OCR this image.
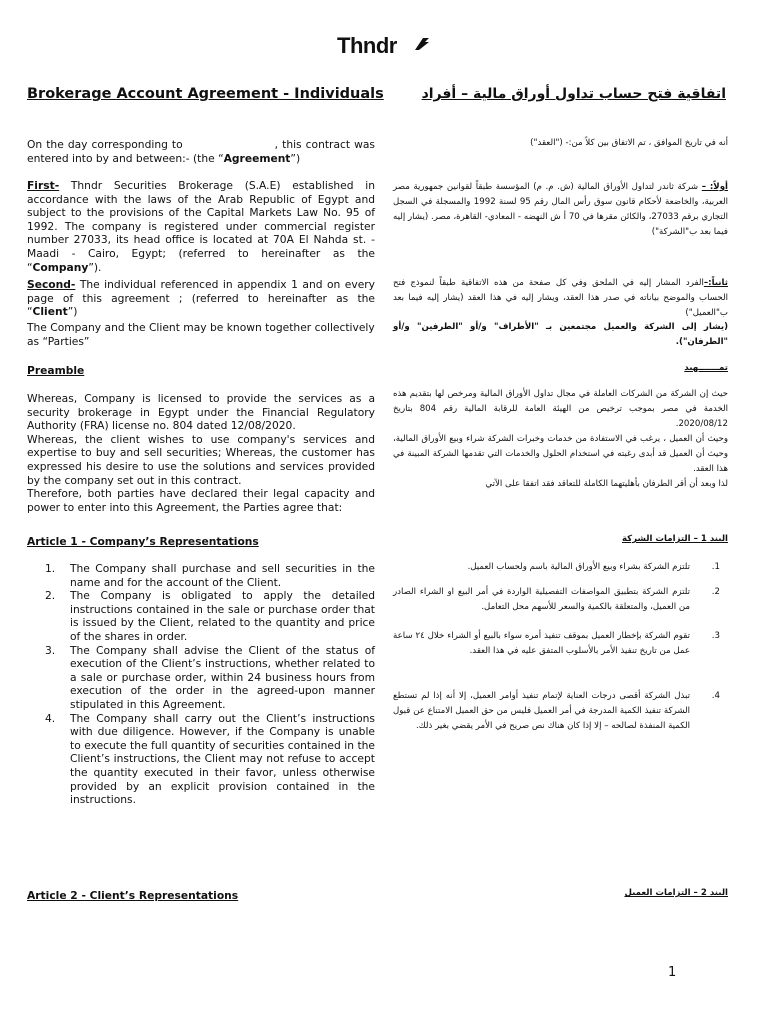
Thndr
Brokerage Account Agreement - Individuals	اتفاقية فتح حساب تداول أوراق مالية – أفراد
On the day corresponding to	, this contract was entered into by and between:- (the “Agreement”)
أنه في تاريخ الموافق ، تم الاتفاق بين كلاً من:- ("العقد")
First- Thndr Securities Brokerage (S.A.E) established in accordance with the laws of the Arab Republic of Egypt and subject to the provisions of the Capital Markets Law No. 95 of 1992. The company is registered under commercial register number 27033, its head office is located at 70A El Nahda st. - Maadi - Cairo, Egypt; (referred to hereinafter as the “Company”).
أولاً: – شركة ثاندر لتداول الأوراق المالية (ش. م. م) المؤسسة طبقاً لقوانين جمهورية مصر العربية، والخاضعة لأحكام قانون سوق رأس المال رقم 95 لسنة 1992 والمسجلة في السجل التجاري برقم 27033، والكائن مقرها في 70 أ ش النهضه - المعادي- القاهرة، مصر. (يشار إليه فيما بعد ب"الشركة")
Second- The individual referenced in appendix 1 and on every page of this agreement ; (referred to hereinafter as the “Client”)
ثانياً:–الفرد المشار إليه في الملحق وفي كل صفحة من هذه الاتفاقية طبقاً لنموذج فتح الحساب والموضح بياناته في صدر هذا العقد، ويشار إليه في هذا العقد (يشار إليه فيما بعد ب"العميل")
The Company and the Client may be known together collectively as “Parties”
(يشار إلى الشركة والعميل مجتمعين بـ "الأطراف" و/أو "الطرفين" و/أو "الطرفان").
Preamble	تمـــــــهيد
Whereas, Company is licensed to provide the services as a security brokerage in Egypt under the Financial Regulatory Authority (FRA) license no. 804 dated 12/08/2020.
Whereas, the client wishes to use company's services and expertise to buy and sell securities; Whereas, the customer has expressed his desire to use the solutions and services provided by the company set out in this contract.
Therefore, both parties have declared their legal capacity and power to enter into this Agreement, the Parties agree that:
حيث إن الشركة من الشركات العاملة في مجال تداول الأوراق المالية ومرخص لها بتقديم هذه الخدمة في مصر بموجب ترخيص من الهيئة العامة للرقابة المالية رقم 804 بتاريخ 2020/08/12.
وحيث أن العميل ، يرغب في الاستفادة من خدمات وخبرات الشركة شراء وبيع الأوراق المالية، وحيث أن العميل قد أبدى رغبته في استخدام الحلول والخدمات التي تقدمها الشركة المبينة في هذا العقد.
لذا وبعد أن أقر الطرفان بأهليتهما الكاملة للتعاقد فقد اتفقا على الآتي
Article 1 - Company’s Representations	البند 1 – التزامات الشركة
1.	The Company shall purchase and sell securities in the name and for the account of the Client.
2.	The Company is obligated to apply the detailed instructions contained in the sale or purchase order that is issued by the Client, related to the quantity and price of the shares in order.
3.	The Company shall advise the Client of the status of execution of the Client’s instructions, whether related to a sale or purchase order, within 24 business hours from execution of the order in the agreed-upon manner stipulated in this Agreement.
4.	The Company shall carry out the Client’s instructions with due diligence. However, if the Company is unable to execute the full quantity of securities contained in the Client’s instructions, the Client may not refuse to accept the quantity executed in their favor, unless otherwise provided by an explicit provision contained in the instructions.
1.
تلتزم الشركة بشراء وبيع الأوراق المالية باسم ولحساب العميل.
2.
تلتزم الشركة بتطبيق المواصفات التفصيلية الواردة في أمر البيع او الشراء الصادر من العميل، والمتعلقة بالكمية والسعر للأسهم محل التعامل.
3.
تقوم الشركة بإخطار العميل بموقف تنفيذ أمره سواء بالبيع أو الشراء خلال ٢٤ ساعة عمل من تاريخ تنفيذ الأمر بالأسلوب المتفق عليه في هذا العقد.
4.
تبذل الشركة أقصى درجات العناية لإتمام تنفيذ أوامر العميل، إلا أنه إذا لم تستطع الشركة تنفيذ الكمية المدرجة في أمر العميل فليس من حق العميل الامتناع عن قبول الكمية المنفذة لصالحه – إلا إذا كان هناك نص صريح في الأمر يقضي بغير ذلك.
Article 2 - Client’s Representations	البند 2 – التزامات العميل
1
